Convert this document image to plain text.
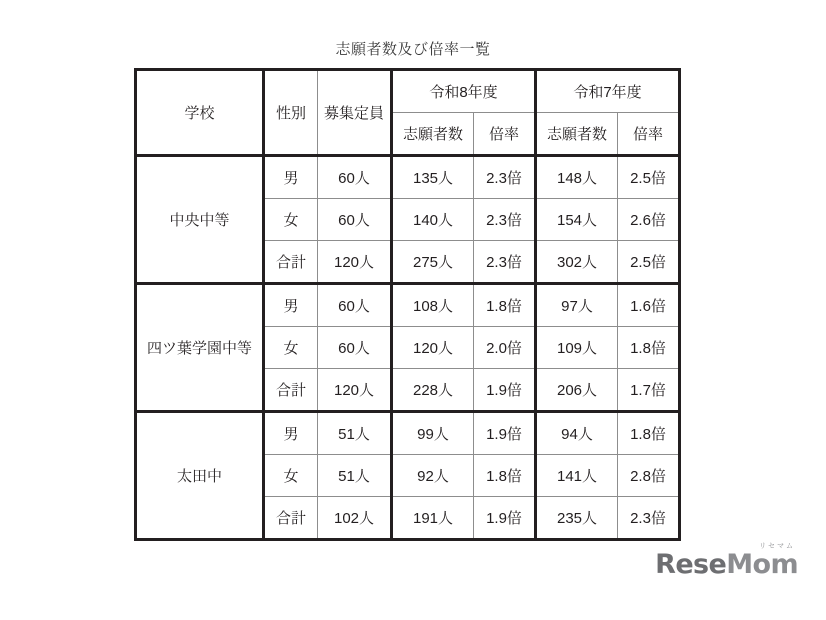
志願者数及び倍率一覧
学校	性別	募集定員	令和8年度		令和7年度	
			志願者数	倍率	志願者数	倍率
中央中等	男	60人	135人	2.3倍	148人	2.5倍
	女	60人	140人	2.3倍	154人	2.6倍
	合計	120人	275人	2.3倍	302人	2.5倍
四ツ葉学園中等	男	60人	108人	1.8倍	97人	1.6倍
	女	60人	120人	2.0倍	109人	1.8倍
	合計	120人	228人	1.9倍	206人	1.7倍
太田中	男	51人	99人	1.9倍	94人	1.8倍
	女	51人	92人	1.8倍	141人	2.8倍
	合計	102人	191人	1.9倍	235人	2.3倍
リセマム
ReseMom
